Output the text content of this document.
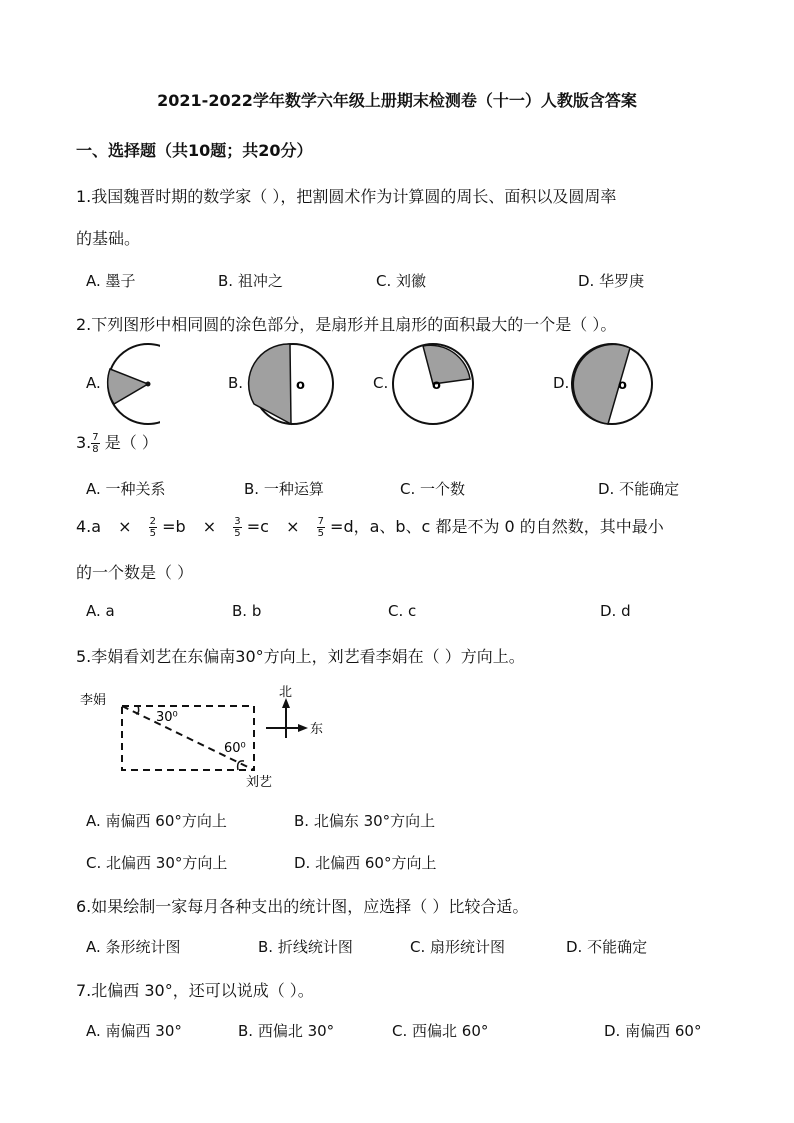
2021-2022学年数学六年级上册期末检测卷（十一）人教版含答案
一、选择题（共10题；共20分）
1.我国魏晋时期的数学家（ ），把割圆术作为计算圆的周长、面积以及圆周率
的基础。
A. 墨子	B. 祖冲之	C. 刘徽	D. 华罗庚
2.下列图形中相同圆的涂色部分，是扇形并且扇形的面积最大的一个是（ ）。
A.	B.	C.	D.
o	o	o
3. $\frac{7}{8}$ 是（ ）
A. 一种关系	B. 一种运算	C. 一个数	D. 不能确定
$4.a \times \frac{2}{5} =b \times \frac{3}{5} =c \times \frac{7}{5} =d$，a、b、c 都是不为 0 的自然数，其中最小
的一个数是（ ）
A. a	B. b	C. c	D. d
5.李娟看刘艺在东偏南30°方向上，刘艺看李娟在（ ）方向上。
李娟
30⁰
60⁰
刘艺
北
东
A. 南偏西 60°方向上	B. 北偏东 30°方向上
C. 北偏西 30°方向上	D. 北偏西 60°方向上
6.如果绘制一家每月各种支出的统计图，应选择（ ）比较合适。
A. 条形统计图	B. 折线统计图	C. 扇形统计图	D. 不能确定
7.北偏西 30°，还可以说成（ ）。
A. 南偏西 30°	B. 西偏北 30°	C. 西偏北 60°	D. 南偏西 60°
